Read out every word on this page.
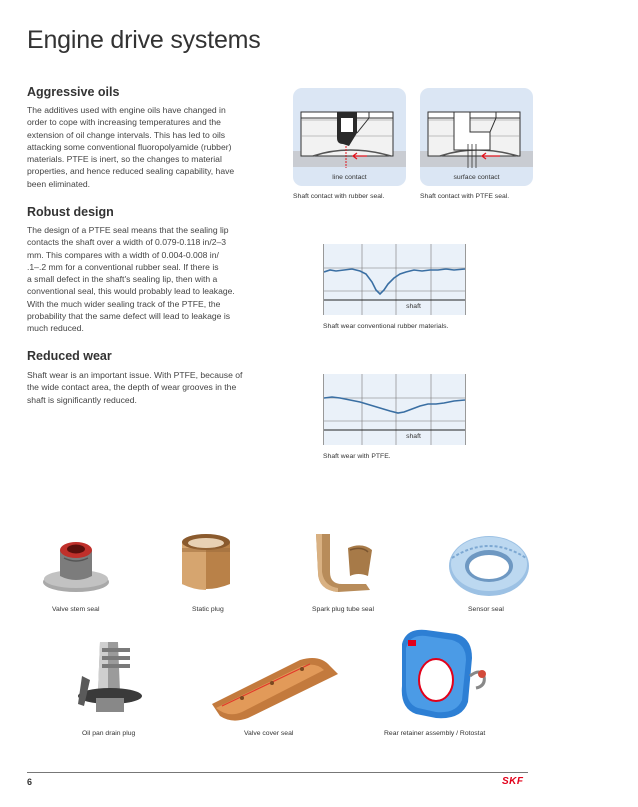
Engine drive systems
Aggressive oils

The additives used with engine oils have changed in
order to cope with increasing temperatures and the
extension of oil change intervals. This has led to oils
attacking some conventional fluoropolyamide (rubber)
materials. PTFE is inert, so the changes to material
properties, and hence reduced sealing capability, have
been eliminated.

Robust design

The design of a PTFE seal means that the sealing lip
contacts the shaft over a width of 0.079-0.118 in/2–3
mm. This compares with a width of 0.004-0.008 in/
.1–.2 mm for a conventional rubber seal. If there is
a small defect in the shaft's sealing lip, then with a
conventional seal, this would probably lead to leakage.
With the much wider sealing track of the PTFE, the
probability that the same defect will lead to leakage is
much reduced.

Reduced wear

Shaft wear is an important issue. With PTFE, because of
the wide contact area, the depth of wear grooves in the
shaft is significantly reduced.

line contact
Shaft contact with rubber seal.
surface contact
Shaft contact with PTFE seal.
shaft
Shaft wear conventional rubber materials.
shaft
Shaft wear with PTFE.
Valve stem seal	Static plug	Spark plug tube seal	Sensor seal
Oil pan drain plug	Valve cover seal	Rear retainer assembly / Rotostat
6	SKF
